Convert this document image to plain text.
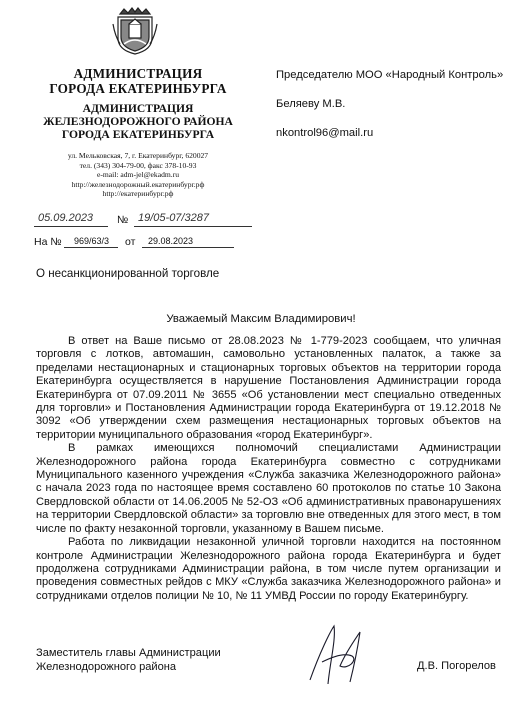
АДМИНИСТРАЦИЯ
ГОРОДА ЕКАТЕРИНБУРГА
АДМИНИСТРАЦИЯ
ЖЕЛЕЗНОДОРОЖНОГО РАЙОНА
ГОРОДА ЕКАТЕРИНБУРГА
ул. Мельковская, 7, г. Екатеринбург, 620027
тел. (343) 304-79-00, факс 378-10-93
e-mail: adm-jel@ekadm.ru
http://железнодорожный.екатеринбург.рф
http://екатеринбург.рф
05.09.2023 № 19/05-07/3287
На № 969/63/3 от 29.08.2023
Председателю МОО «Народный Контроль»
Беляеву М.В.
nkontrol96@mail.ru
О несанкционированной торговле
Уважаемый Максим Владимирович!

В ответ на Ваше письмо от 28.08.2023 № 1-779-2023 сообщаем, что уличная торговля с лотков, автомашин, самовольно установленных палаток, а также за пределами нестационарных и стационарных торговых объектов на территории города Екатеринбурга осуществляется в нарушение Постановления Администрации города Екатеринбурга от 07.09.2011 № 3655 «Об установлении мест специально отведенных для торговли» и Постановления Администрации города Екатеринбурга от 19.12.2018 № 3092 «Об утверждении схем размещения нестационарных торговых объектов на территории муниципального образования «город Екатеринбург».

В рамках имеющихся полномочий специалистами Администрации Железнодорожного района города Екатеринбурга совместно с сотрудниками Муниципального казенного учреждения «Служба заказчика Железнодорожного района» с начала 2023 года по настоящее время составлено 60 протоколов по статье 10 Закона Свердловской области от 14.06.2005 № 52-ОЗ «Об административных правонарушениях на территории Свердловской области» за торговлю вне отведенных для этого мест, в том числе по факту незаконной торговли, указанному в Вашем письме.

Работа по ликвидации незаконной уличной торговли находится на постоянном контроле Администрации Железнодорожного района города Екатеринбурга и будет продолжена сотрудниками Администрации района, в том числе путем организации и проведения совместных рейдов с МКУ «Служба заказчика Железнодорожного района» и сотрудниками отделов полиции № 10, № 11 УМВД России по городу Екатеринбургу.

Заместитель главы Администрации
Железнодорожного района	Д.В. Погорелов
